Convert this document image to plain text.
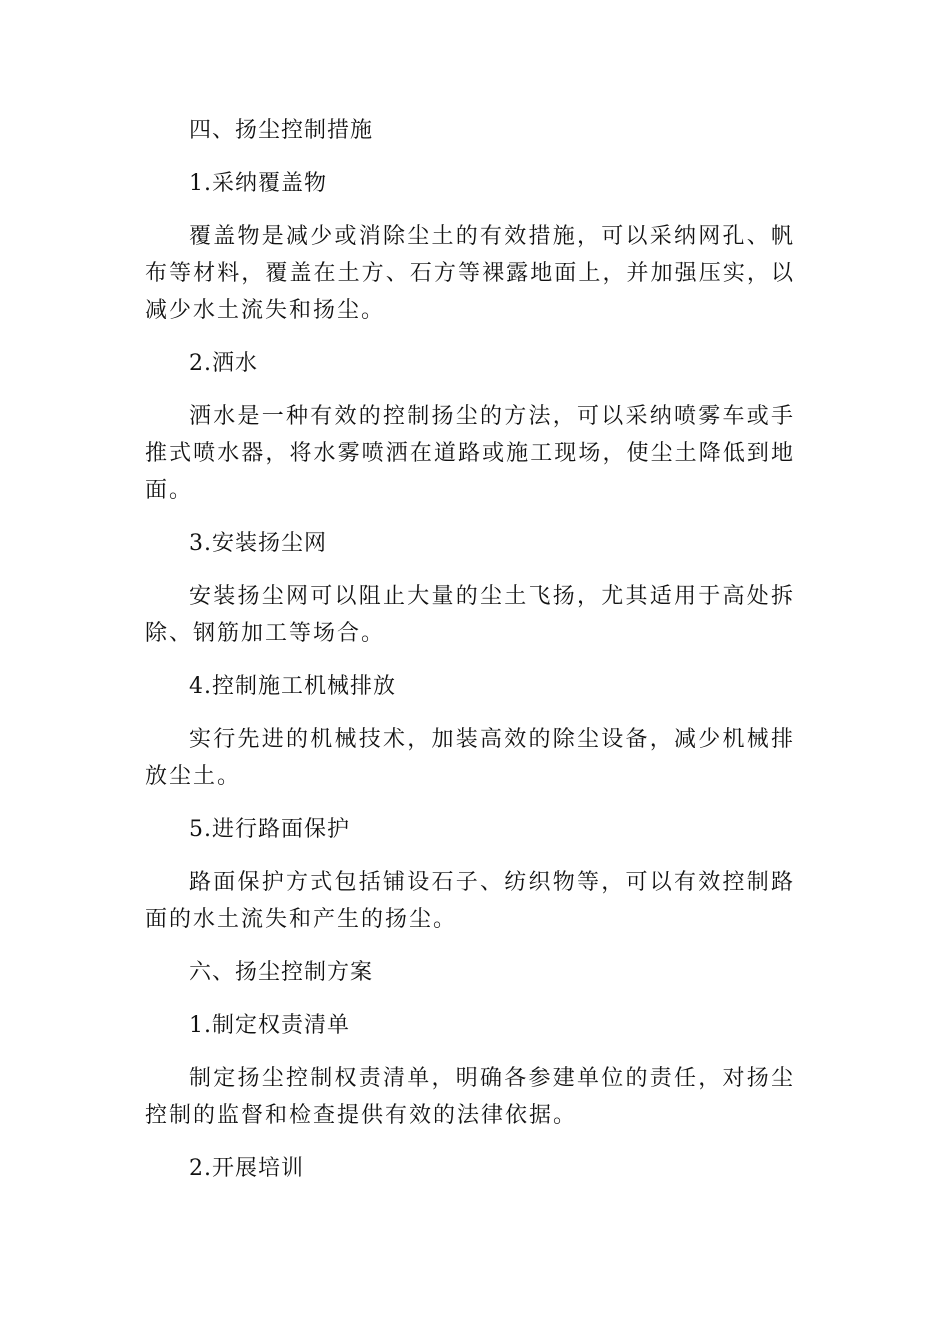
四、扬尘控制措施

1.采纳覆盖物

覆盖物是减少或消除尘土的有效措施，可以采纳网孔、帆布等材料，覆盖在土方、石方等裸露地面上，并加强压实，以减少水土流失和扬尘。

2.洒水

洒水是一种有效的控制扬尘的方法，可以采纳喷雾车或手推式喷水器，将水雾喷洒在道路或施工现场，使尘土降低到地面。

3.安装扬尘网

安装扬尘网可以阻止大量的尘土飞扬，尤其适用于高处拆除、钢筋加工等场合。

4.控制施工机械排放

实行先进的机械技术，加装高效的除尘设备，减少机械排放尘土。

5.进行路面保护

路面保护方式包括铺设石子、纺织物等，可以有效控制路面的水土流失和产生的扬尘。

六、扬尘控制方案

1.制定权责清单

制定扬尘控制权责清单，明确各参建单位的责任，对扬尘控制的监督和检查提供有效的法律依据。

2.开展培训
